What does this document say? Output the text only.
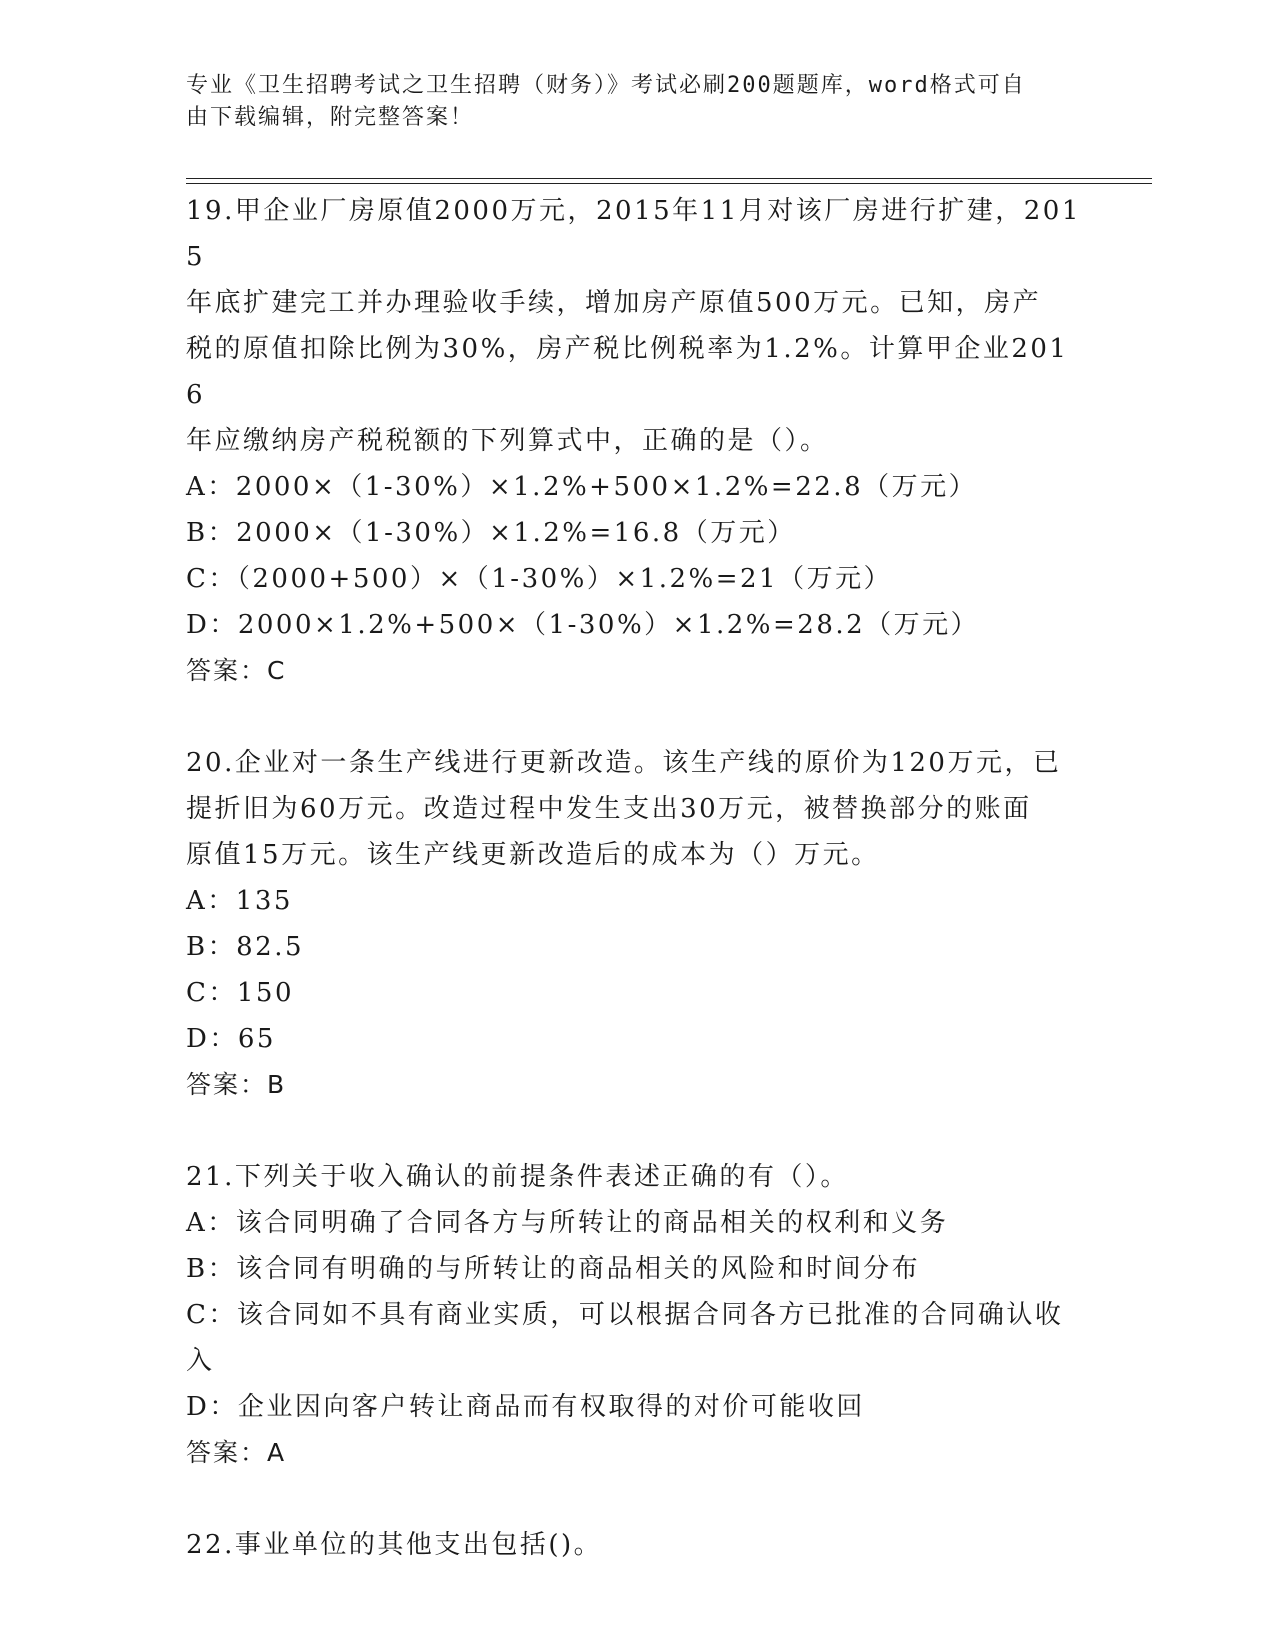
专业《卫生招聘考试之卫生招聘（财务）》考试必刷200题题库，word格式可自
由下载编辑，附完整答案！
19.甲企业厂房原值2000万元，2015年11月对该厂房进行扩建，2015
年底扩建完工并办理验收手续，增加房产原值500万元。已知，房产
税的原值扣除比例为30%，房产税比例税率为1.2%。计算甲企业2016
年应缴纳房产税税额的下列算式中，正确的是（）。
A：2000×（1-30%）×1.2%+500×1.2%=22.8（万元）
B：2000×（1-30%）×1.2%=16.8（万元）
C：（2000+500）×（1-30%）×1.2%=21（万元）
D：2000×1.2%+500×（1-30%）×1.2%=28.2（万元）
答案：C
20.企业对一条生产线进行更新改造。该生产线的原价为120万元，已
提折旧为60万元。改造过程中发生支出30万元，被替换部分的账面
原值15万元。该生产线更新改造后的成本为（）万元。
A：135
B：82.5
C：150
D：65
答案：B
21.下列关于收入确认的前提条件表述正确的有（）。
A：该合同明确了合同各方与所转让的商品相关的权利和义务
B：该合同有明确的与所转让的商品相关的风险和时间分布
C：该合同如不具有商业实质，可以根据合同各方已批准的合同确认收
入
D：企业因向客户转让商品而有权取得的对价可能收回
答案：A
22.事业单位的其他支出包括()。
